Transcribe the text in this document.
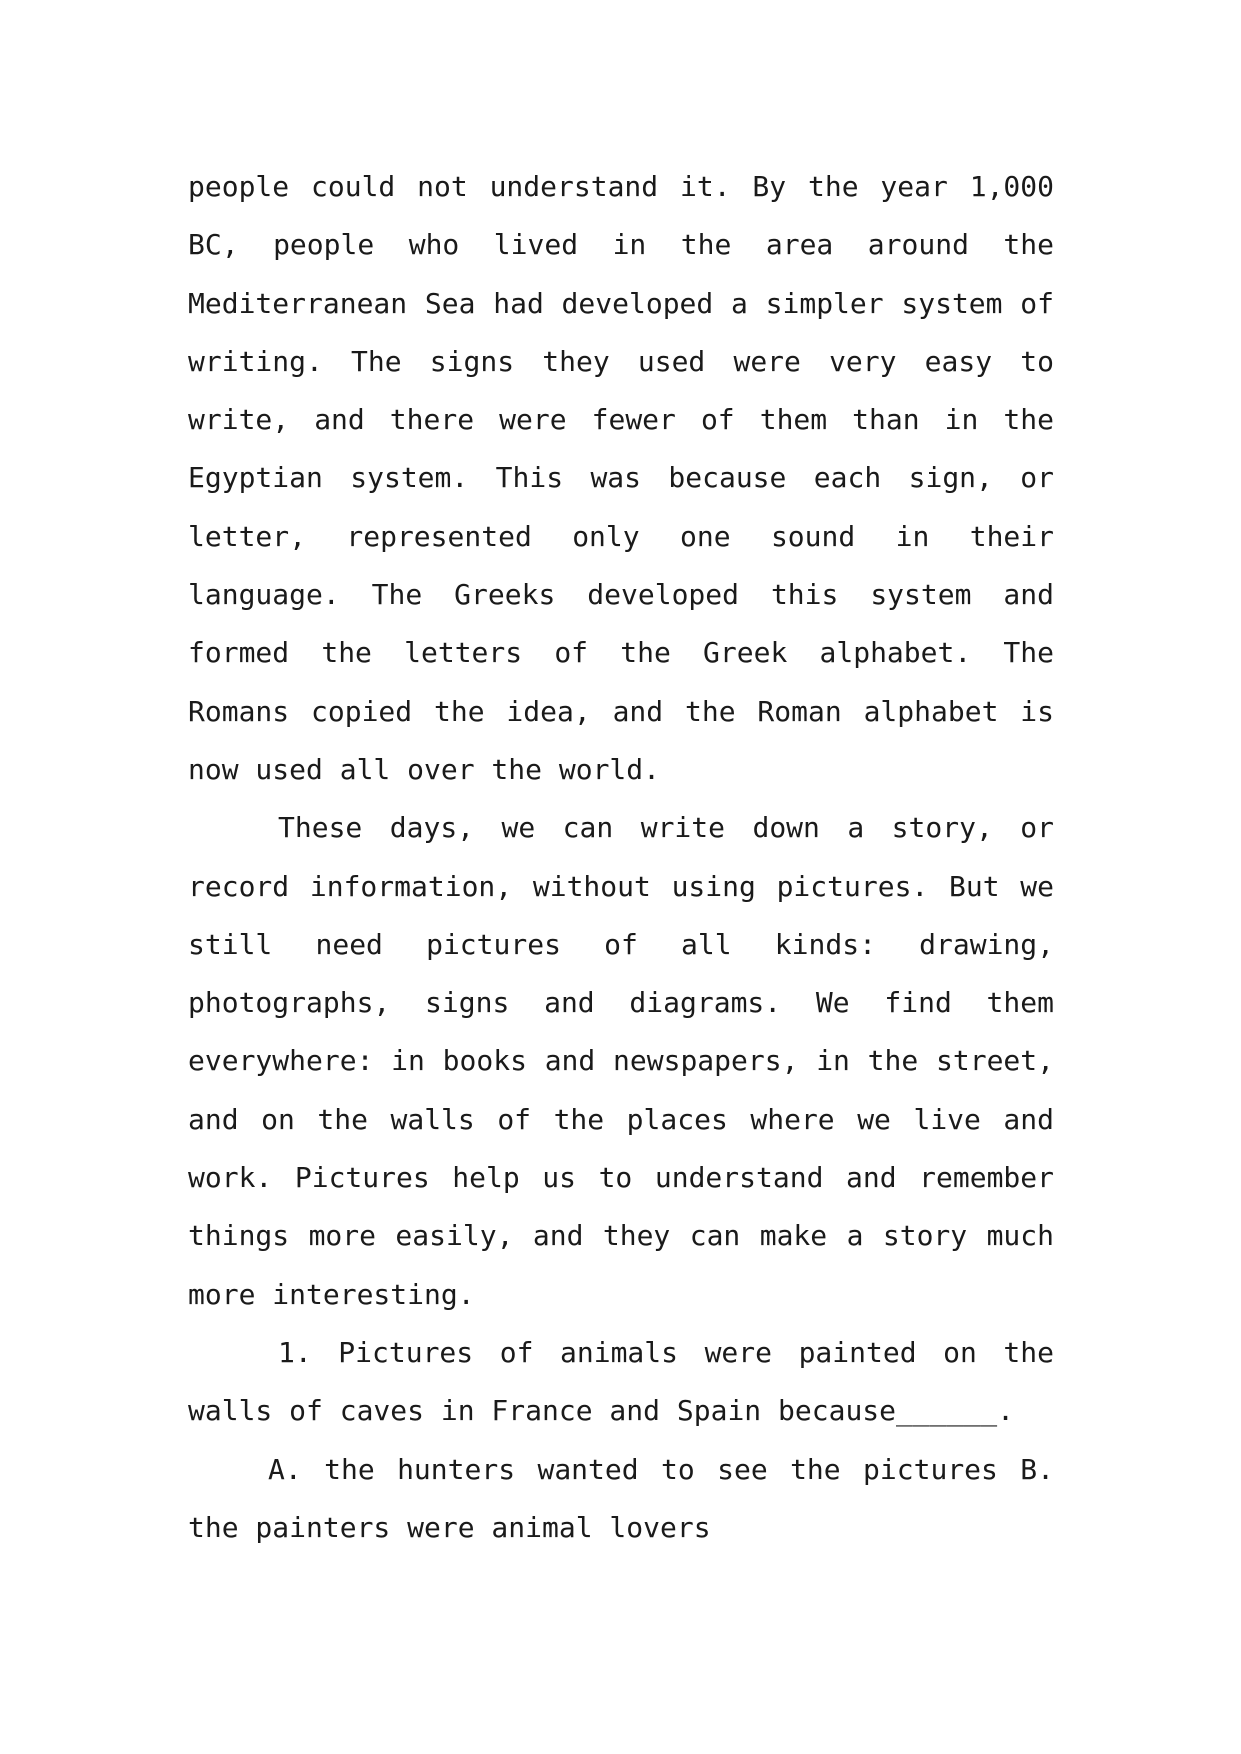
people could not understand it. By the year 1,000 BC, people who lived in the area around the Mediterranean Sea had developed a simpler system of writing. The signs they used were very easy to write, and there were fewer of them than in the Egyptian system. This was because each sign, or letter, represented only one sound in their language. The Greeks developed this system and formed the letters of the Greek alphabet. The Romans copied the idea, and the Roman alphabet is now used all over the world.

These days, we can write down a story, or record information, without using pictures. But we still need pictures of all kinds: drawing, photographs, signs and diagrams. We find them everywhere: in books and newspapers, in the street, and on the walls of the places where we live and work. Pictures help us to understand and remember things more easily, and they can make a story much more interesting.

1. Pictures of animals were painted on the walls of caves in France and Spain because______.

A. the hunters wanted to see the pictures B. the painters were animal lovers
